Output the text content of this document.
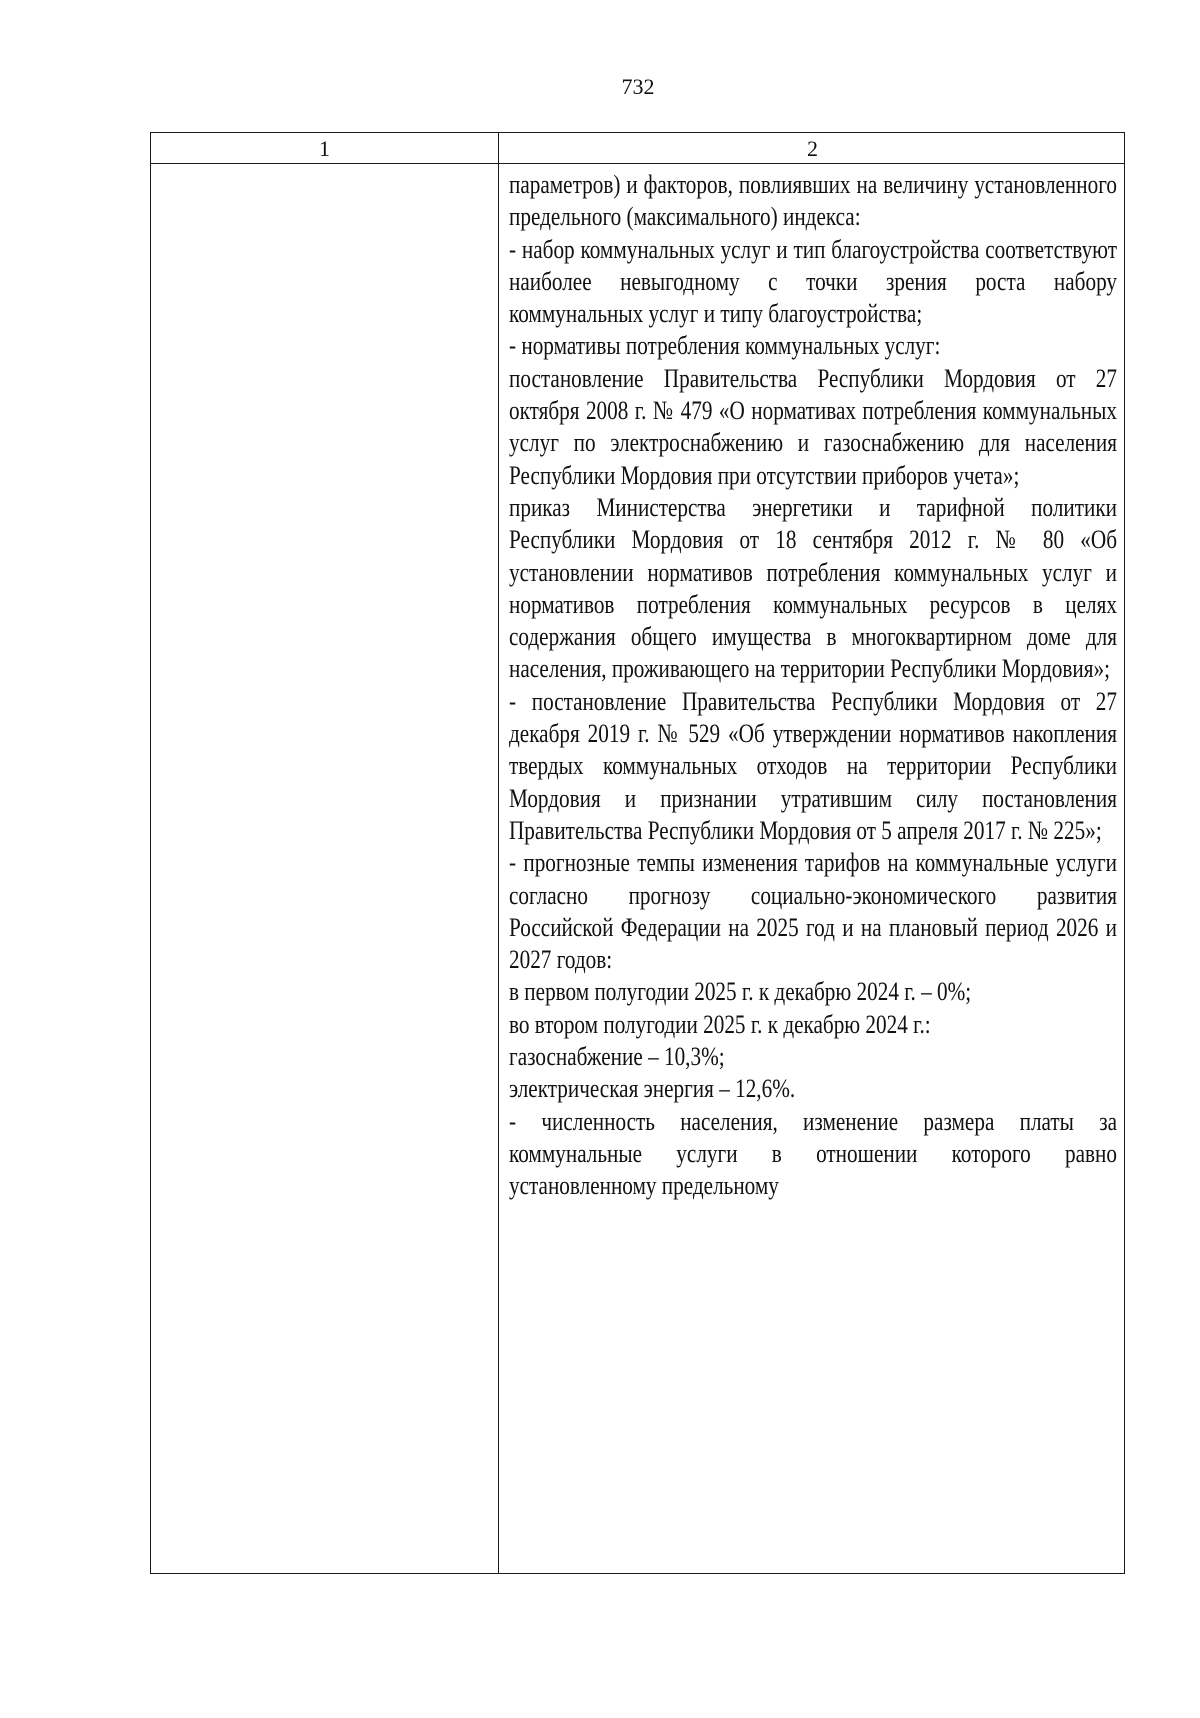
732
1	2

параметров) и факторов, повлиявших на величину установленного предельного (максимального) индекса:

- набор коммунальных услуг и тип благоустройства соответствуют наиболее невыгодному с точки зрения роста набору коммунальных услуг и типу благоустройства;

- нормативы потребления коммунальных услуг:

постановление Правительства Республики Мордовия от 27 октября 2008 г. № 479 «О нормативах потребления коммунальных услуг по электроснабжению и газоснабжению для населения Республики Мордовия при отсутствии приборов учета»;

приказ Министерства энергетики и тарифной политики Республики Мордовия от 18 сентября 2012 г. № 80 «Об установлении нормативов потребления коммунальных услуг и нормативов потребления коммунальных ресурсов в целях содержания общего имущества в многоквартирном доме для населения, проживающего на территории Республики Мордовия»;

- постановление Правительства Республики Мордовия от 27 декабря 2019 г. № 529 «Об утверждении нормативов накопления твердых коммунальных отходов на территории Республики Мордовия и признании утратившим силу постановления Правительства Республики Мордовия от 5 апреля 2017 г. № 225»;

- прогнозные темпы изменения тарифов на коммунальные услуги согласно прогнозу социально-экономического развития Российской Федерации на 2025 год и на плановый период 2026 и 2027 годов:

в первом полугодии 2025 г. к декабрю 2024 г. – 0%;

во втором полугодии 2025 г. к декабрю 2024 г.:

газоснабжение – 10,3%;

электрическая энергия – 12,6%.

- численность населения, изменение размера платы за коммунальные услуги в отношении которого равно установленному предельному
